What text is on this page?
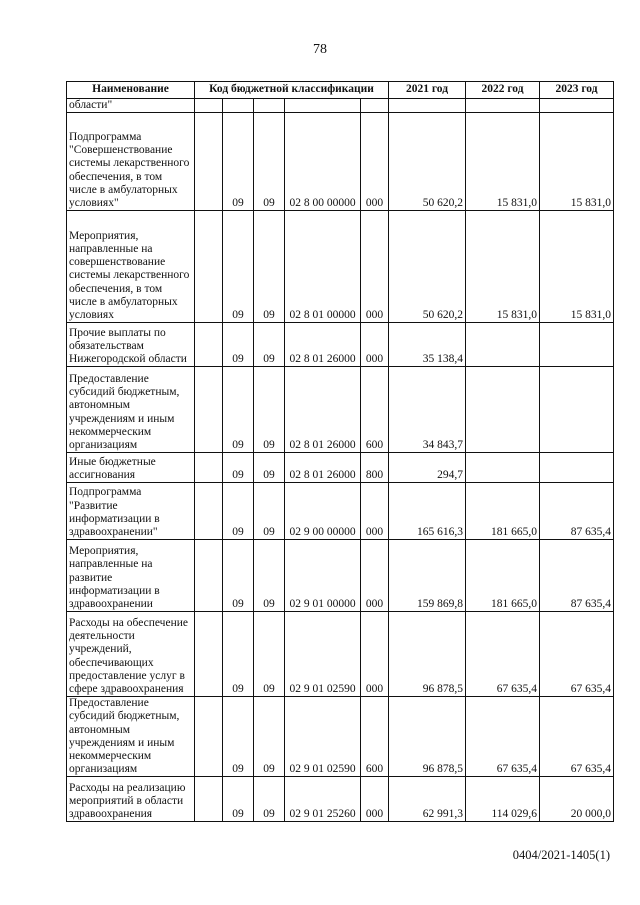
78
Наименование	Код бюджетной классификации					2021 год	2022 год	2023 год
области"								
Подпрограмма "Совершенствование системы лекарственного обеспечения, в том числе в амбулаторных условиях"		09	09	02 8 00 00000	000	50 620,2	15 831,0	15 831,0
Мероприятия, направленные на совершенствование системы лекарственного обеспечения, в том числе в амбулаторных условиях		09	09	02 8 01 00000	000	50 620,2	15 831,0	15 831,0
Прочие выплаты по обязательствам Нижегородской области		09	09	02 8 01 26000	000	35 138,4		
Предоставление субсидий бюджетным, автономным учреждениям и иным некоммерческим организациям		09	09	02 8 01 26000	600	34 843,7		
Иные бюджетные ассигнования		09	09	02 8 01 26000	800	294,7		
Подпрограмма "Развитие информатизации в здравоохранении"		09	09	02 9 00 00000	000	165 616,3	181 665,0	87 635,4
Мероприятия, направленные на развитие информатизации в здравоохранении		09	09	02 9 01 00000	000	159 869,8	181 665,0	87 635,4
Расходы на обеспечение деятельности учреждений, обеспечивающих предоставление услуг в сфере здравоохранения		09	09	02 9 01 02590	000	96 878,5	67 635,4	67 635,4
Предоставление субсидий бюджетным, автономным учреждениям и иным некоммерческим организациям		09	09	02 9 01 02590	600	96 878,5	67 635,4	67 635,4
Расходы на реализацию мероприятий в области здравоохранения		09	09	02 9 01 25260	000	62 991,3	114 029,6	20 000,0
0404/2021-1405(1)
